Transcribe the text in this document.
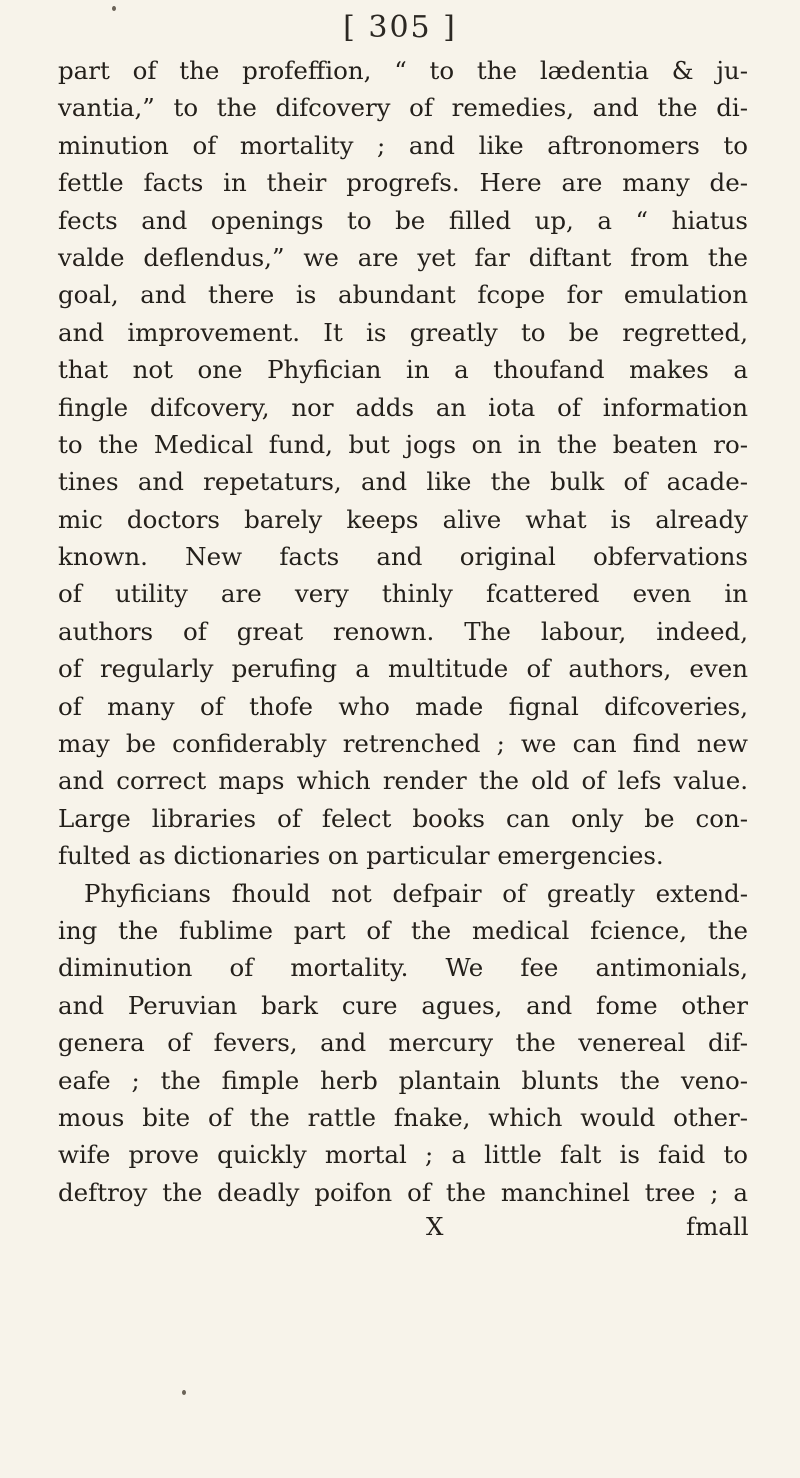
[ 305 ]
part of the profeffion, “ to the lædentia & ju-
vantia,” to the difcovery of remedies, and the di-
minution of mortality ; and like aftronomers to
fettle facts in their progrefs. Here are many de-
fects and openings to be filled up, a “ hiatus
valde deflendus,” we are yet far diftant from the
goal, and there is abundant fcope for emulation
and improvement. It is greatly to be regretted,
that not one Phyfician in a thoufand makes a
fingle difcovery, nor adds an iota of information
to the Medical fund, but jogs on in the beaten ro-
tines and repetaturs, and like the bulk of acade-
mic doctors barely keeps alive what is already
known. New facts and original obfervations
of utility are very thinly fcattered even in
authors of great renown. The labour, indeed,
of regularly perufing a multitude of authors, even
of many of thofe who made fignal difcoveries,
may be confiderably retrenched ; we can find new
and correct maps which render the old of lefs value.
Large libraries of felect books can only be con-
fulted as dictionaries on particular emergencies.
Phyficians fhould not defpair of greatly extend-
ing the fublime part of the medical fcience, the
diminution of mortality. We fee antimonials,
and Peruvian bark cure agues, and fome other
genera of fevers, and mercury the venereal dif-
eafe ; the fimple herb plantain blunts the veno-
mous bite of the rattle fnake, which would other-
wife prove quickly mortal ; a little falt is faid to
deftroy the deadly poifon of the manchinel tree ; a
X	fmall
